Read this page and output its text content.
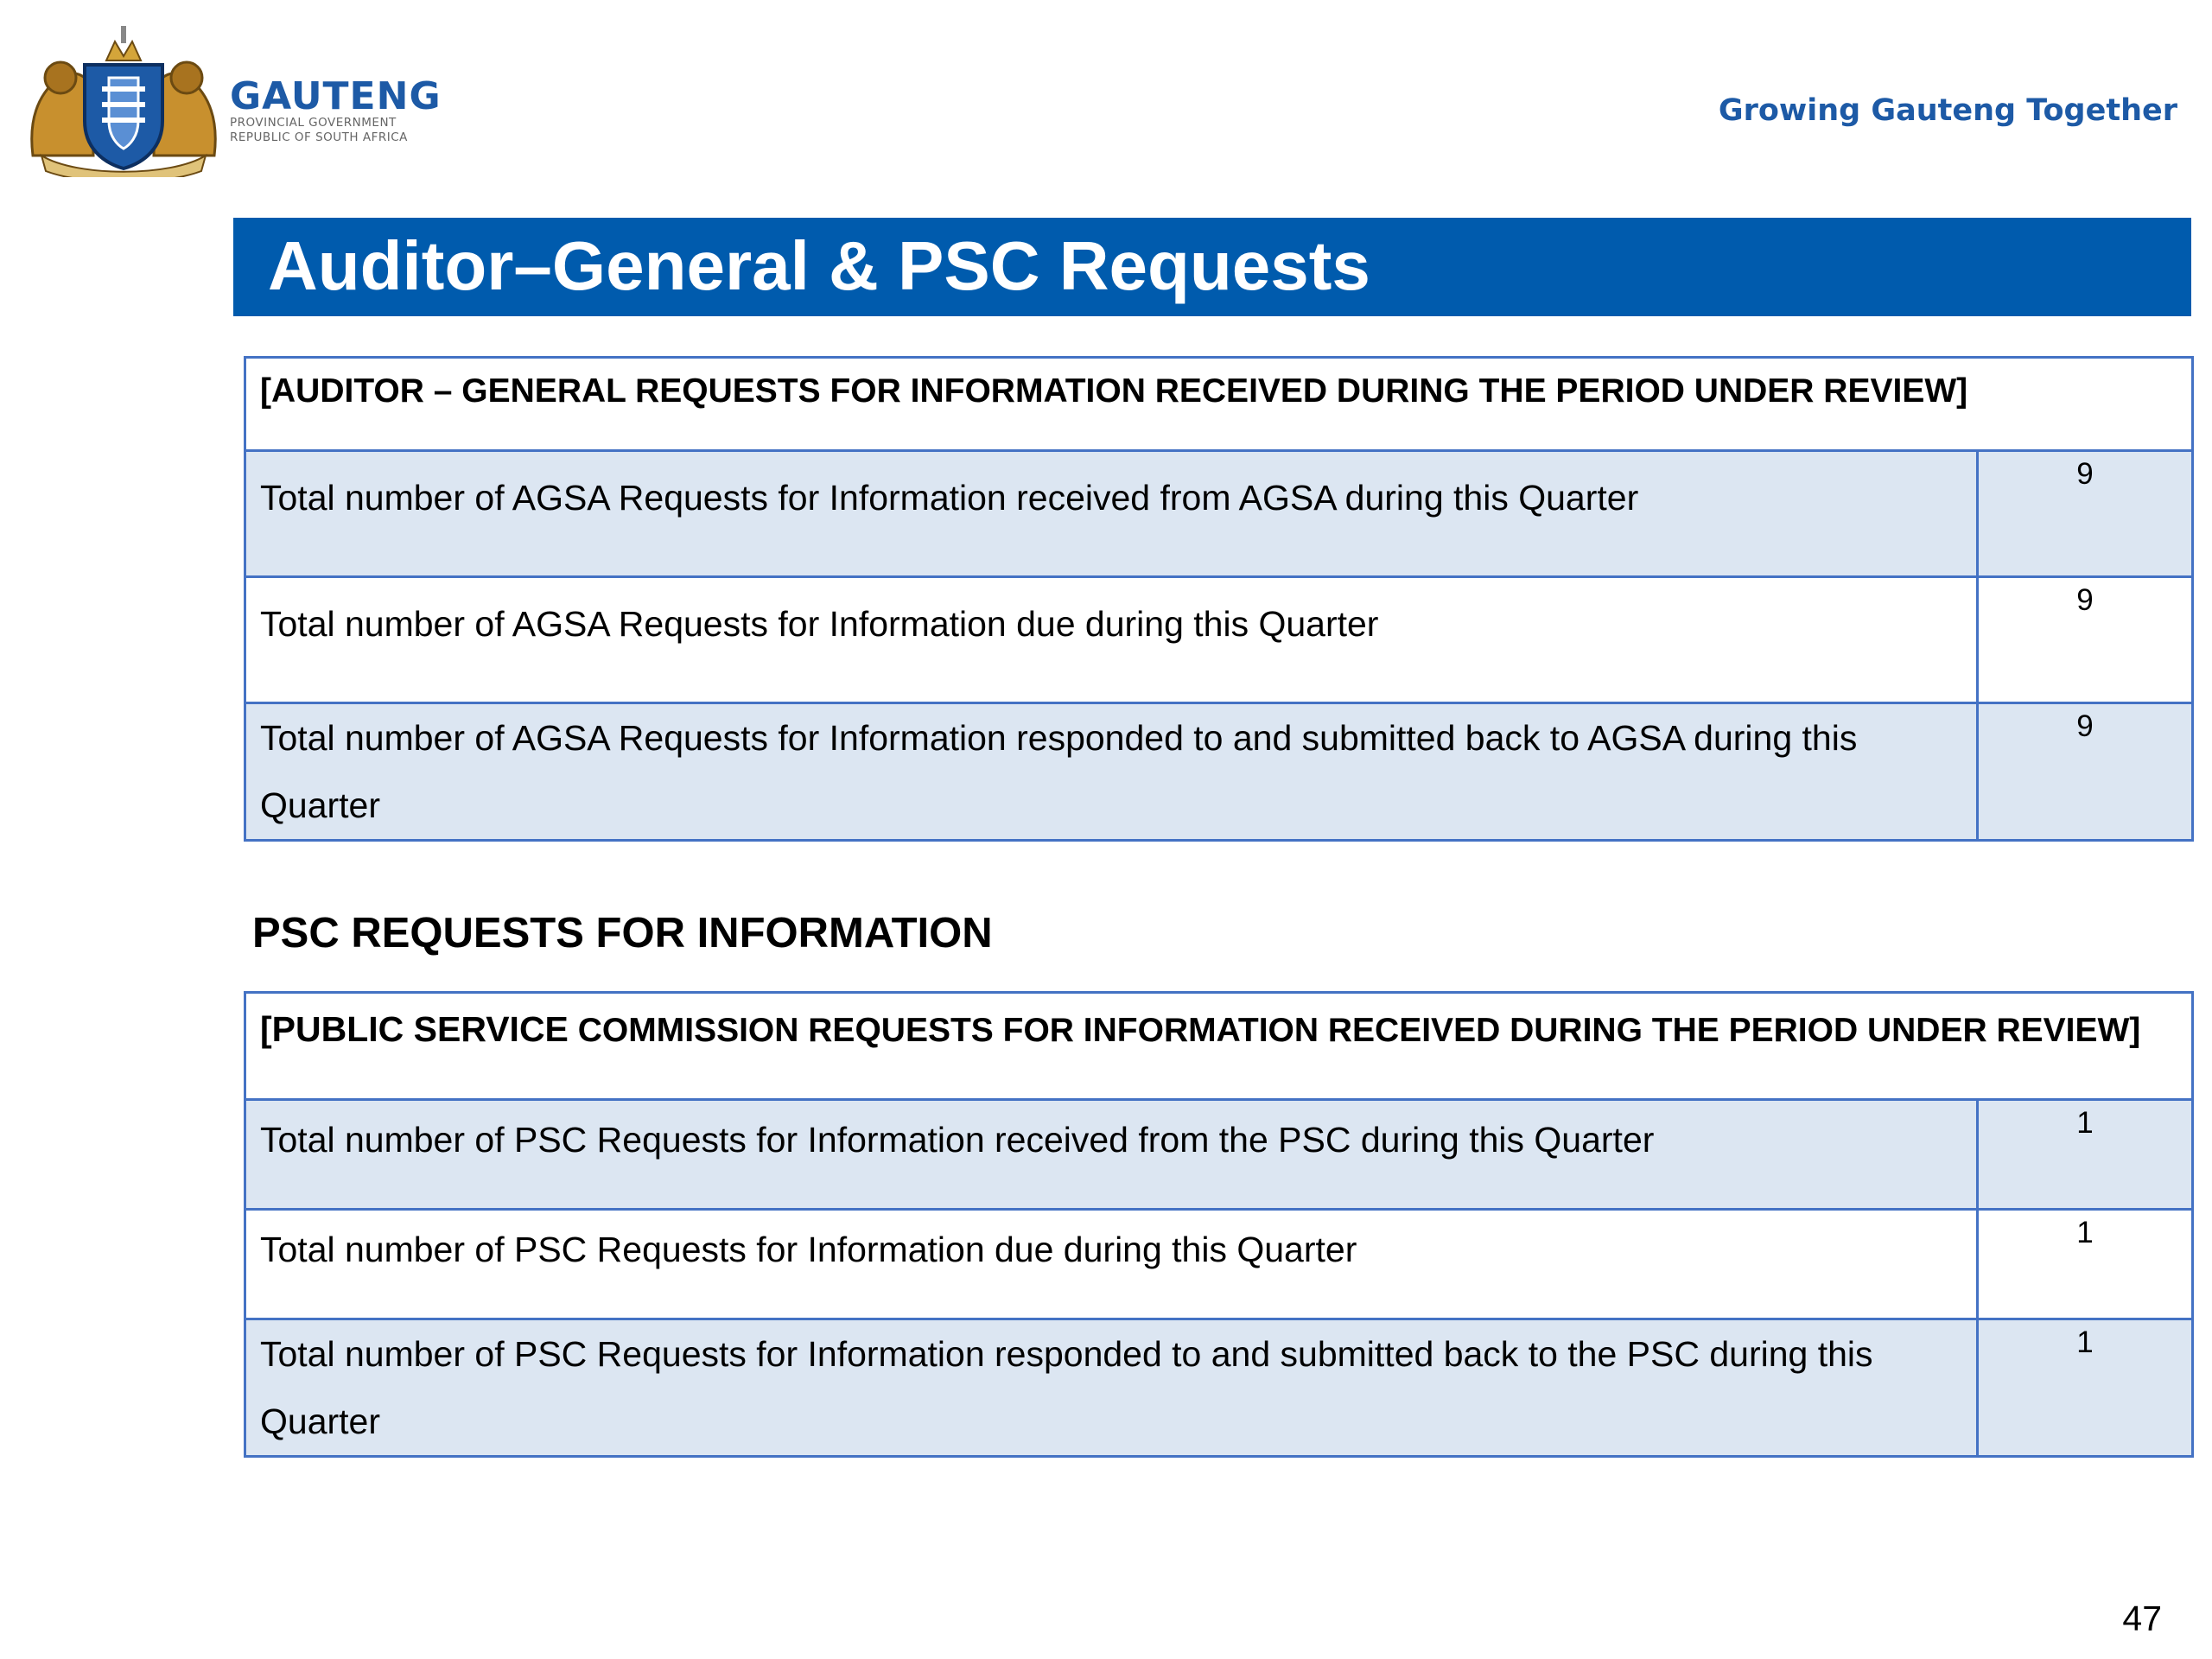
GAUTENG
PROVINCIAL GOVERNMENT
REPUBLIC OF SOUTH AFRICA
Growing Gauteng Together
Auditor–General & PSC Requests
[AUDITOR – GENERAL REQUESTS FOR INFORMATION RECEIVED DURING THE PERIOD UNDER REVIEW]	

Total number of AGSA Requests for Information received from AGSA during this Quarter	9

Total number of AGSA Requests for Information due during this Quarter	9

Total number of AGSA Requests for Information responded to and submitted back to AGSA during this Quarter	9
PSC REQUESTS FOR INFORMATION
[PUBLIC SERVICE COMMISSION REQUESTS FOR INFORMATION RECEIVED DURING THE PERIOD UNDER REVIEW]	

Total number of PSC Requests for Information received from the PSC during this Quarter	1

Total number of PSC Requests for Information due during this Quarter	1

Total number of PSC Requests for Information responded to and submitted back to the PSC during this Quarter	1
47
